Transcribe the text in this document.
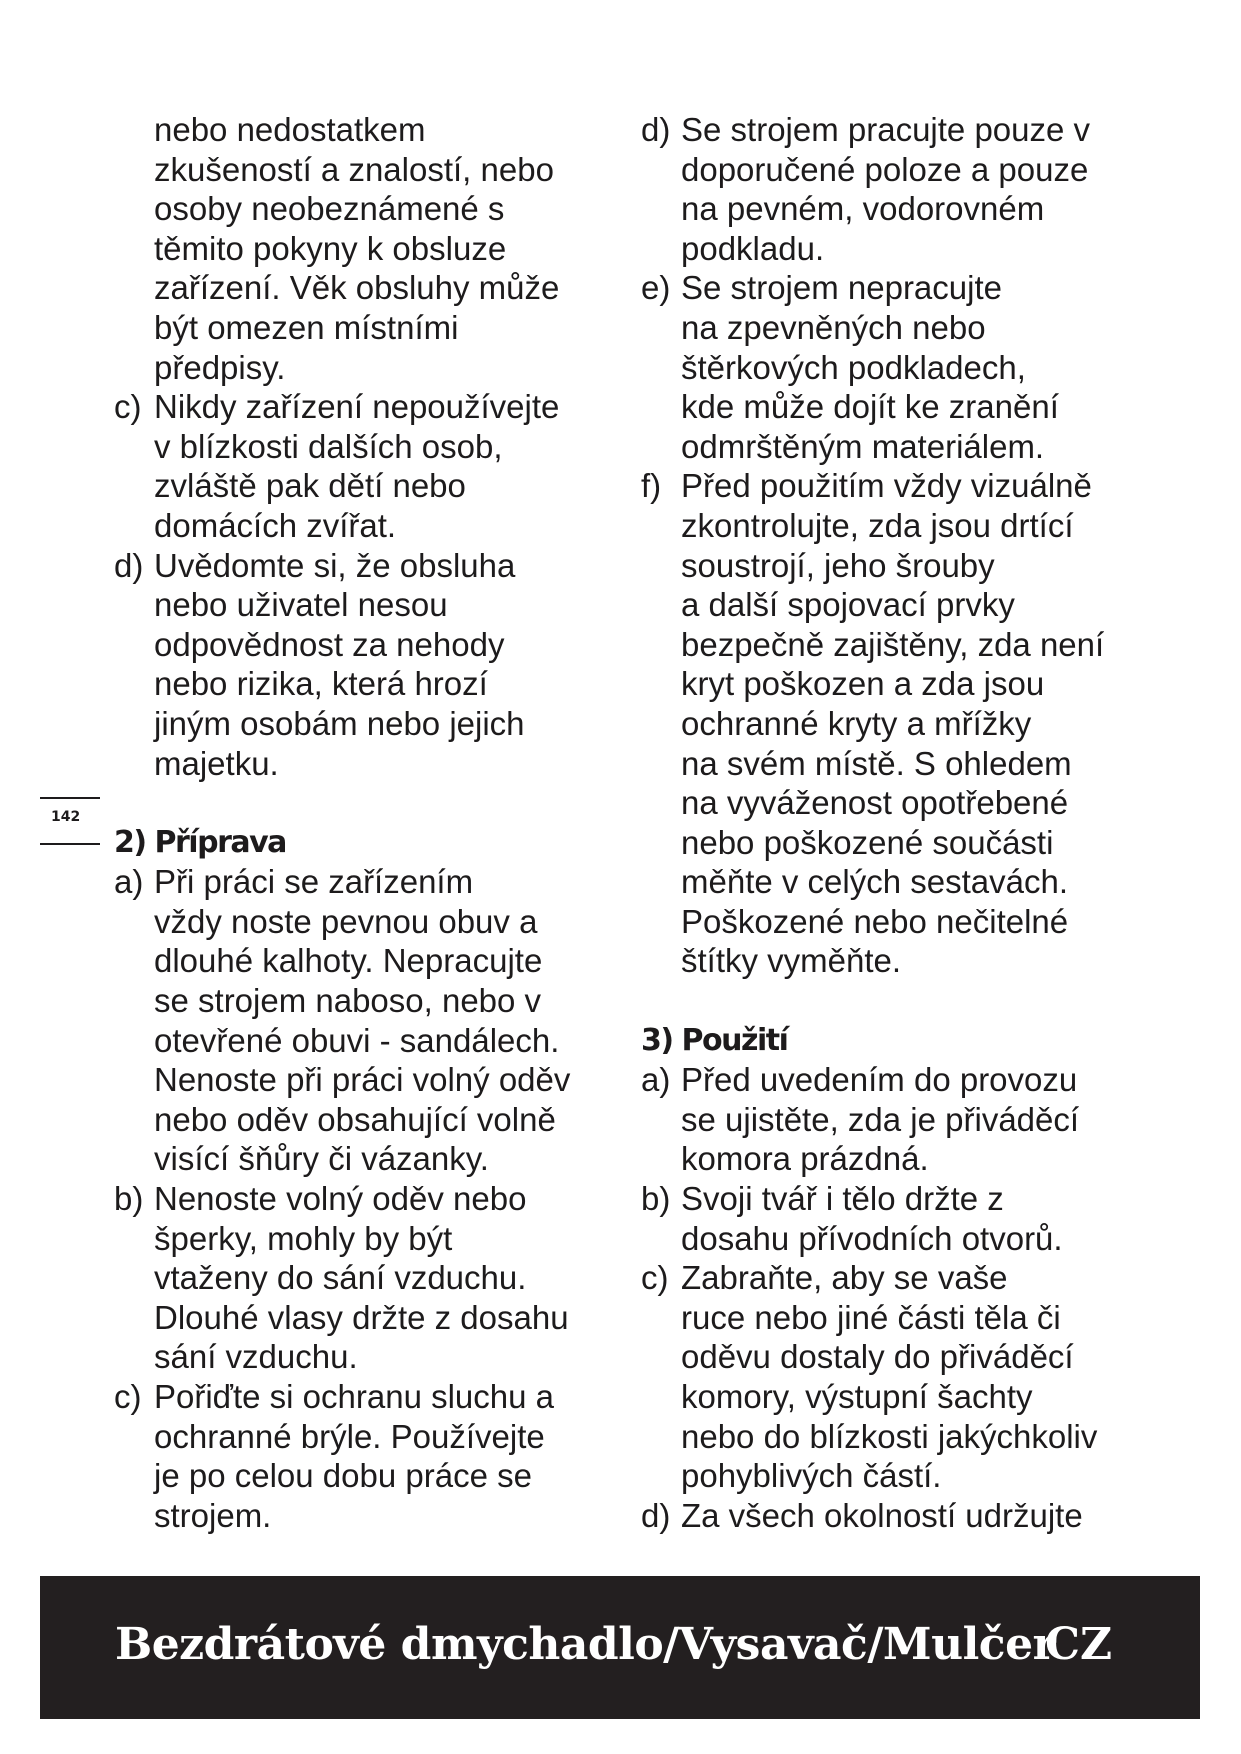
nebo nedostatkem
zkušeností a znalostí, nebo
osoby neobeznámené s
těmito pokyny k obsluze
zařízení. Věk obsluhy může
být omezen místními
předpisy.
c) Nikdy zařízení nepoužívejte
v blízkosti dalších osob,
zvláště pak dětí nebo
domácích zvířat.
d) Uvědomte si, že obsluha
nebo uživatel nesou
odpovědnost za nehody
nebo rizika, která hrozí
jiným osobám nebo jejich
majetku.
2) Příprava
a) Při práci se zařízením
vždy noste pevnou obuv a
dlouhé kalhoty. Nepracujte
se strojem naboso, nebo v
otevřené obuvi - sandálech.
Nenoste při práci volný oděv
nebo oděv obsahující volně
visící šňůry či vázanky.
b) Nenoste volný oděv nebo
šperky, mohly by být
vtaženy do sání vzduchu.
Dlouhé vlasy držte z dosahu
sání vzduchu.
c) Pořiďte si ochranu sluchu a
ochranné brýle. Používejte
je po celou dobu práce se
strojem.
d) Se strojem pracujte pouze v
doporučené poloze a pouze
na pevném, vodorovném
podkladu.
e) Se strojem nepracujte
na zpevněných nebo
štěrkových podkladech,
kde může dojít ke zranění
odmrštěným materiálem.
f) Před použitím vždy vizuálně
zkontrolujte, zda jsou drtící
soustrojí, jeho šrouby
a další spojovací prvky
bezpečně zajištěny, zda není
kryt poškozen a zda jsou
ochranné kryty a mřížky
na svém místě. S ohledem
na vyváženost opotřebené
nebo poškozené součásti
měňte v celých sestavách.
Poškozené nebo nečitelné
štítky vyměňte.
3) Použití
a) Před uvedením do provozu
se ujistěte, zda je přiváděcí
komora prázdná.
b) Svoji tvář i tělo držte z
dosahu přívodních otvorů.
c) Zabraňte, aby se vaše
ruce nebo jiné části těla či
oděvu dostaly do přiváděcí
komory, výstupní šachty
nebo do blízkosti jakýchkoliv
pohyblivých částí.
d) Za všech okolností udržujte
142
Bezdrátové dmychadlo/Vysavač/Mulčer
CZ
